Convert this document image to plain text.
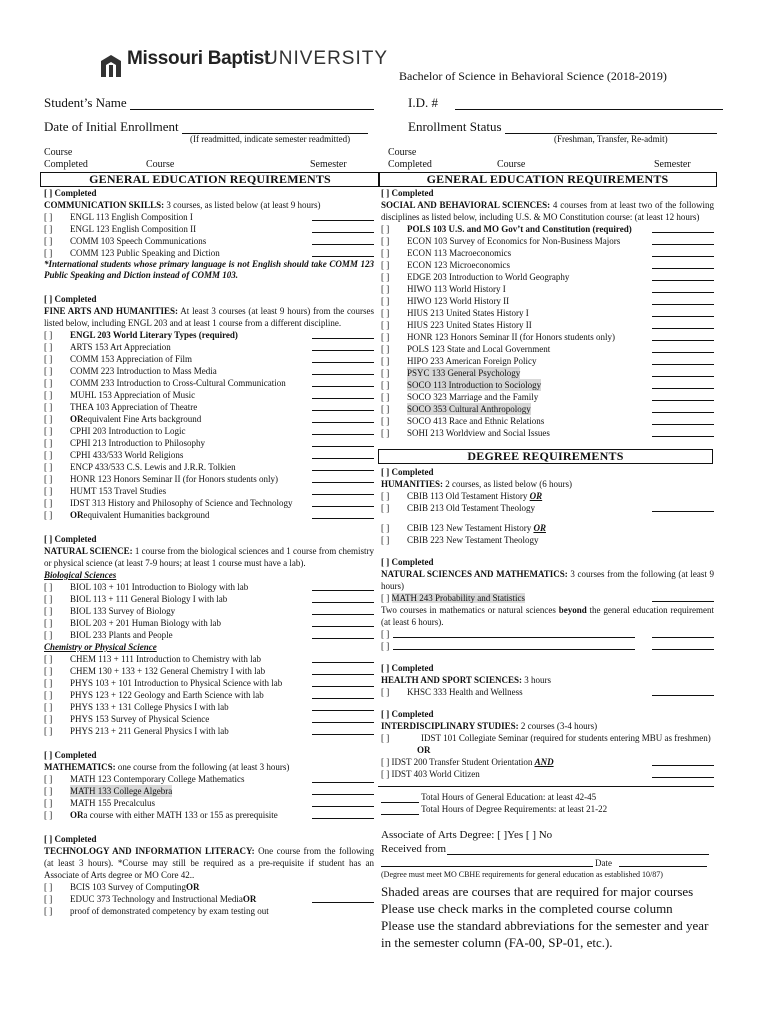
Missouri Baptist
UNIVERSITY
Bachelor of Science in Behavioral Science (2018-2019)
Student’s Name	I.D. #
Date of Initial Enrollment
(If readmitted, indicate semester readmitted)
Enrollment Status
(Freshman, Transfer, Re-admit)
Course
Completed	Course	Semester
Course
Completed	Course	Semester
GENERAL EDUCATION REQUIREMENTS	GENERAL EDUCATION REQUIREMENTS
[ ] Completed
COMMUNICATION SKILLS: 3 courses, as listed below (at least 9 hours)
[ ] ENGL 113 English Composition I
[ ] ENGL 123 English Composition II
[ ] COMM 103 Speech Communications
[ ] COMM 123 Public Speaking and Diction
*International students whose primary language is not English should take COMM 123 Public Speaking and Diction instead of COMM 103.
[ ] Completed
FINE ARTS AND HUMANITIES: At least 3 courses (at least 9 hours) from the courses listed below, including ENGL 203 and at least 1 course from a different discipline.
[ ] ENGL 203 World Literary Types (required)
[ ] ARTS 153 Art Appreciation
[ ] COMM 153 Appreciation of Film
[ ] COMM 223 Introduction to Mass Media
[ ] COMM 233 Introduction to Cross-Cultural Communication
[ ] MUHL 153 Appreciation of Music
[ ] THEA 103 Appreciation of Theatre
[ ] ORequivalent Fine Arts background
[ ] CPHI 203 Introduction to Logic
[ ] CPHI 213 Introduction to Philosophy
[ ] CPHI 433/533 World Religions
[ ] ENCP 433/533 C.S. Lewis and J.R.R. Tolkien
[ ] HONR 123 Honors Seminar II (for Honors students only)
[ ] HUMT 153 Travel Studies
[ ] IDST 313 History and Philosophy of Science and Technology
[ ] ORequivalent Humanities background
[ ] Completed
NATURAL SCIENCE: 1 course from the biological sciences and 1 course from chemistry or physical science (at least 7-9 hours; at least 1 course must have a lab).
Biological Sciences
[ ] BIOL 103 + 101 Introduction to Biology with lab
[ ] BIOL 113 + 111 General Biology I with lab
[ ] BIOL 133 Survey of Biology
[ ] BIOL 203 + 201 Human Biology with lab
[ ] BIOL 233 Plants and People
Chemistry or Physical Science
[ ] CHEM 113 + 111 Introduction to Chemistry with lab
[ ] CHEM 130 + 133 + 132 General Chemistry I with lab
[ ] PHYS 103 + 101 Introduction to Physical Science with lab
[ ] PHYS 123 + 122 Geology and Earth Science with lab
[ ] PHYS 133 + 131 College Physics I with lab
[ ] PHYS 153 Survey of Physical Science
[ ] PHYS 213 + 211 General Physics I with lab
[ ] Completed
MATHEMATICS: one course from the following (at least 3 hours)
[ ] MATH 123 Contemporary College Mathematics
[ ] MATH 133 College Algebra
[ ] MATH 155 Precalculus
[ ] ORa course with either MATH 133 or 155 as prerequisite
[ ] Completed
TECHNOLOGY AND INFORMATION LITERACY: One course from the following (at least 3 hours). *Course may still be required as a pre-requisite if student has an Associate of Arts degree or MO Core 42..
[ ] BCIS 103 Survey of ComputingOR
[ ] EDUC 373 Technology and Instructional MediaOR
[ ] proof of demonstrated competency by exam testing out
[ ] Completed
SOCIAL AND BEHAVIORAL SCIENCES: 4 courses from at least two of the following disciplines as listed below, including U.S. & MO Constitution course: (at least 12 hours)
[ ] POLS 103 U.S. and MO Gov’t and Constitution (required)
[ ] ECON 103 Survey of Economics for Non-Business Majors
[ ] ECON 113 Macroeconomics
[ ] ECON 123 Microeconomics
[ ] EDGE 203 Introduction to World Geography
[ ] HIWO 113 World History I
[ ] HIWO 123 World History II
[ ] HIUS 213 United States History I
[ ] HIUS 223 United States History II
[ ] HONR 123 Honors Seminar II (for Honors students only)
[ ] POLS 123 State and Local Government
[ ] HIPO 233 American Foreign Policy
[ ] PSYC 133 General Psychology
[ ] SOCO 113 Introduction to Sociology
[ ] SOCO 323 Marriage and the Family
[ ] SOCO 353 Cultural Anthropology
[ ] SOCO 413 Race and Ethnic Relations
[ ] SOHI 213 Worldview and Social Issues
DEGREE REQUIREMENTS
[ ] Completed
HUMANITIES: 2 courses, as listed below (6 hours)
[ ] CBIB 113 Old Testament History OR
[ ] CBIB 213 Old Testament Theology
[ ] CBIB 123 New Testament History OR
[ ] CBIB 223 New Testament Theology
[ ] Completed
NATURAL SCIENCES AND MATHEMATICS: 3 courses from the following (at least 9 hours)
[ ] MATH 243 Probability and Statistics
Two courses in mathematics or natural sciences beyond the general education requirement (at least 6 hours).
[ ]
[ ]
[ ] Completed
HEALTH AND SPORT SCIENCES: 3 hours
[ ] KHSC 333 Health and Wellness
[ ] Completed
INTERDISCIPLINARY STUDIES: 2 courses (3-4 hours)
[ ]	IDST 101 Collegiate Seminar (required for students entering MBU as freshmen)
OR
[ ] IDST 200 Transfer Student Orientation AND
[ ] IDST 403 World Citizen
Total Hours of General Education: at least 42-45
Total Hours of Degree Requirements: at least 21-22
Associate of Arts Degree: [ ]Yes [ ] No
Received from
Date
(Degree must meet MO CBHE requirements for general education as established 10/87)
Shaded areas are courses that are required for major courses
Please use check marks in the completed course column
Please use the standard abbreviations for the semester and year in the semester column (FA-00, SP-01, etc.).
